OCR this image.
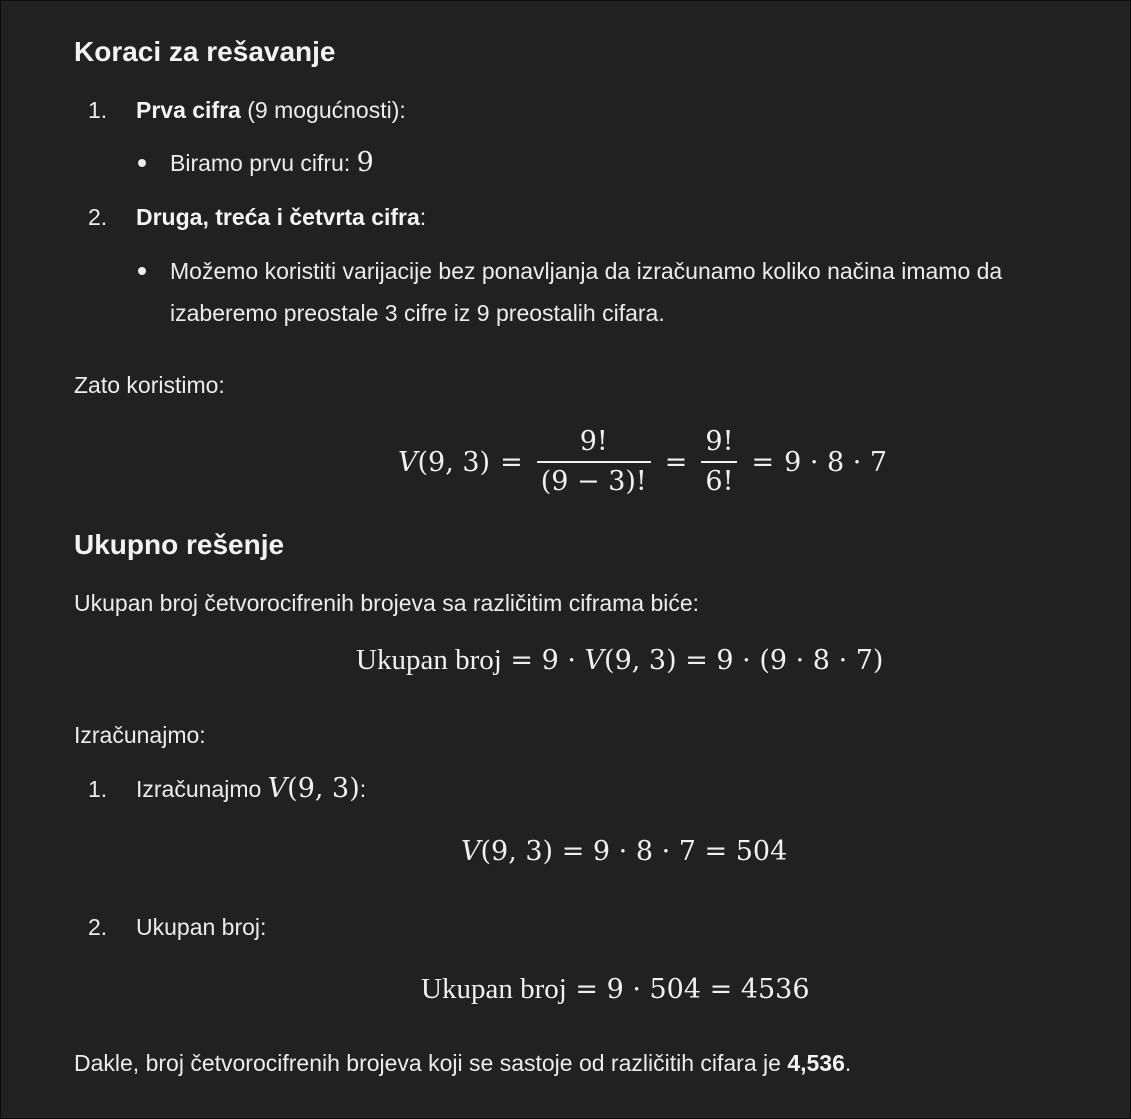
Koraci za rešavanje
1. Prva cifra (9 mogućnosti):
Biramo prvu cifru: 9
2. Druga, treća i četvrta cifra:
Možemo koristiti varijacije bez ponavljanja da izračunamo koliko načina imamo da
izaberemo preostale 3 cifre iz 9 preostalih cifara.
Zato koristimo:
V (9, $3) = \frac{9!}{(9 - 3)!} = \frac{9!}{6!} = 9 \cdot 8 \cdot 7$
Ukupno rešenje
Ukupan broj četvorocifrenih brojeva sa različitim ciframa biće:
Ukupan broj = 9 · V(9, 3) = 9 · (9 · 8 · 7)
Izračunajmo:
1. Izračunajmo V(9, 3):
V(9, 3) = 9 · 8 · 7 = 504
2. Ukupan broj:
Ukupan broj = 9 · 504 = 4536
Dakle, broj četvorocifrenih brojeva koji se sastoje od različitih cifara je 4,536.
